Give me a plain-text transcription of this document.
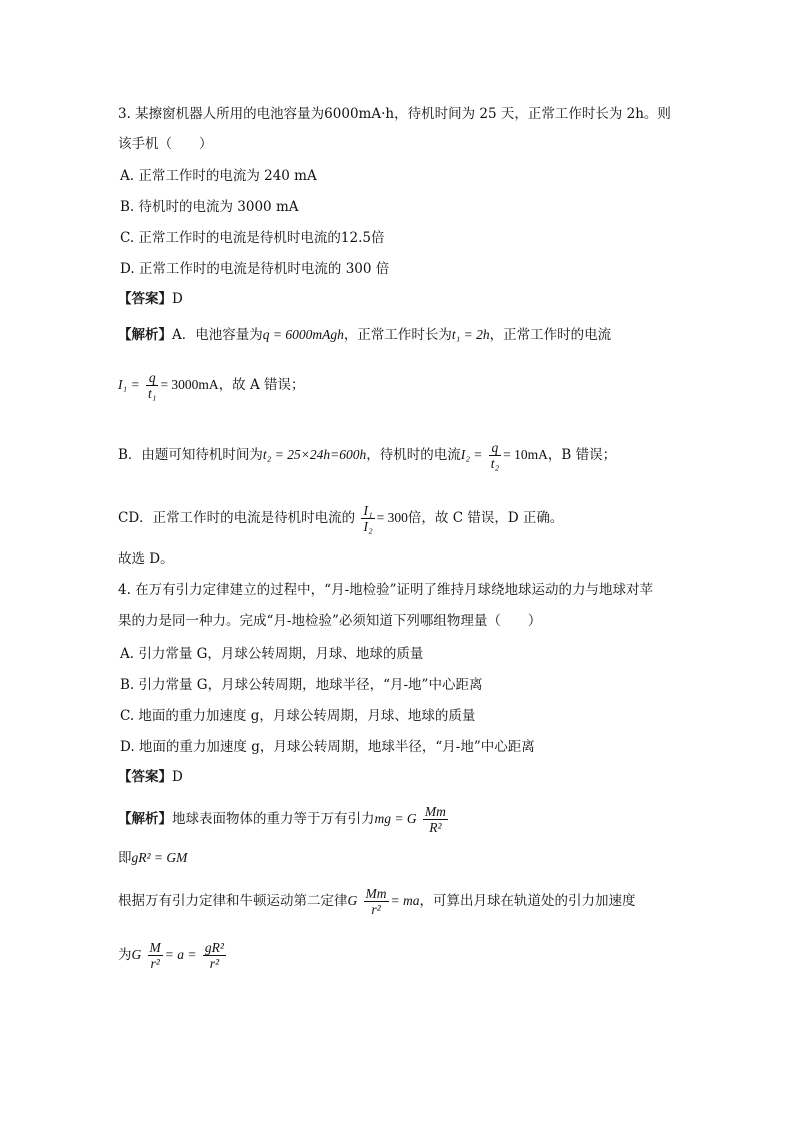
3. 某擦窗机器人所用的电池容量为6000mA·h，待机时间为 25 天，正常工作时长为 2h。则
该手机（　　）
A. 正常工作时的电流为 240 mA
B. 待机时的电流为 3000 mA
C. 正常工作时的电流是待机时电流的12.5倍
D. 正常工作时的电流是待机时电流的 300 倍
【答案】D
【解析】A．电池容量为q = 6000mAgh，正常工作时长为t₁ = 2h，正常工作时的电流
$I_1 = \frac{q}{\text{t₁}} = 3000mA$，故 A 错误；
B．由题可知待机时间为t₂ = 25×24h=600h，待机时的电流$I_2 = \frac{q}{\text{t₂}} = 10mA$，B 错误；
CD．正常工作时的电流是待机时电流的 $\frac{\text{I₁}}{\text{I₂}} = 300$倍，故 C 错误，D 正确。
故选 D。
4. 在万有引力定律建立的过程中，“月-地检验”证明了维持月球绕地球运动的力与地球对苹
果的力是同一种力。完成“月-地检验”必须知道下列哪组物理量（　　）
A. 引力常量 G，月球公转周期，月球、地球的质量
B. 引力常量 G，月球公转周期，地球半径，“月-地”中心距离
C. 地面的重力加速度 g，月球公转周期，月球、地球的质量
D. 地面的重力加速度 g，月球公转周期，地球半径，“月-地”中心距离
【答案】D
【解析】地球表面物体的重力等于万有引力mg = G $\frac{Mm}{\text{R²}}$
即gR² = GM
根据万有引力定律和牛顿运动第二定律G $\frac{Mm}{\text{r²}}$ = ma，可算出月球在轨道处的引力加速度
为G $\frac{M}{\text{r²}} = a = \frac{\text{gR²}}{\text{r²}}$
